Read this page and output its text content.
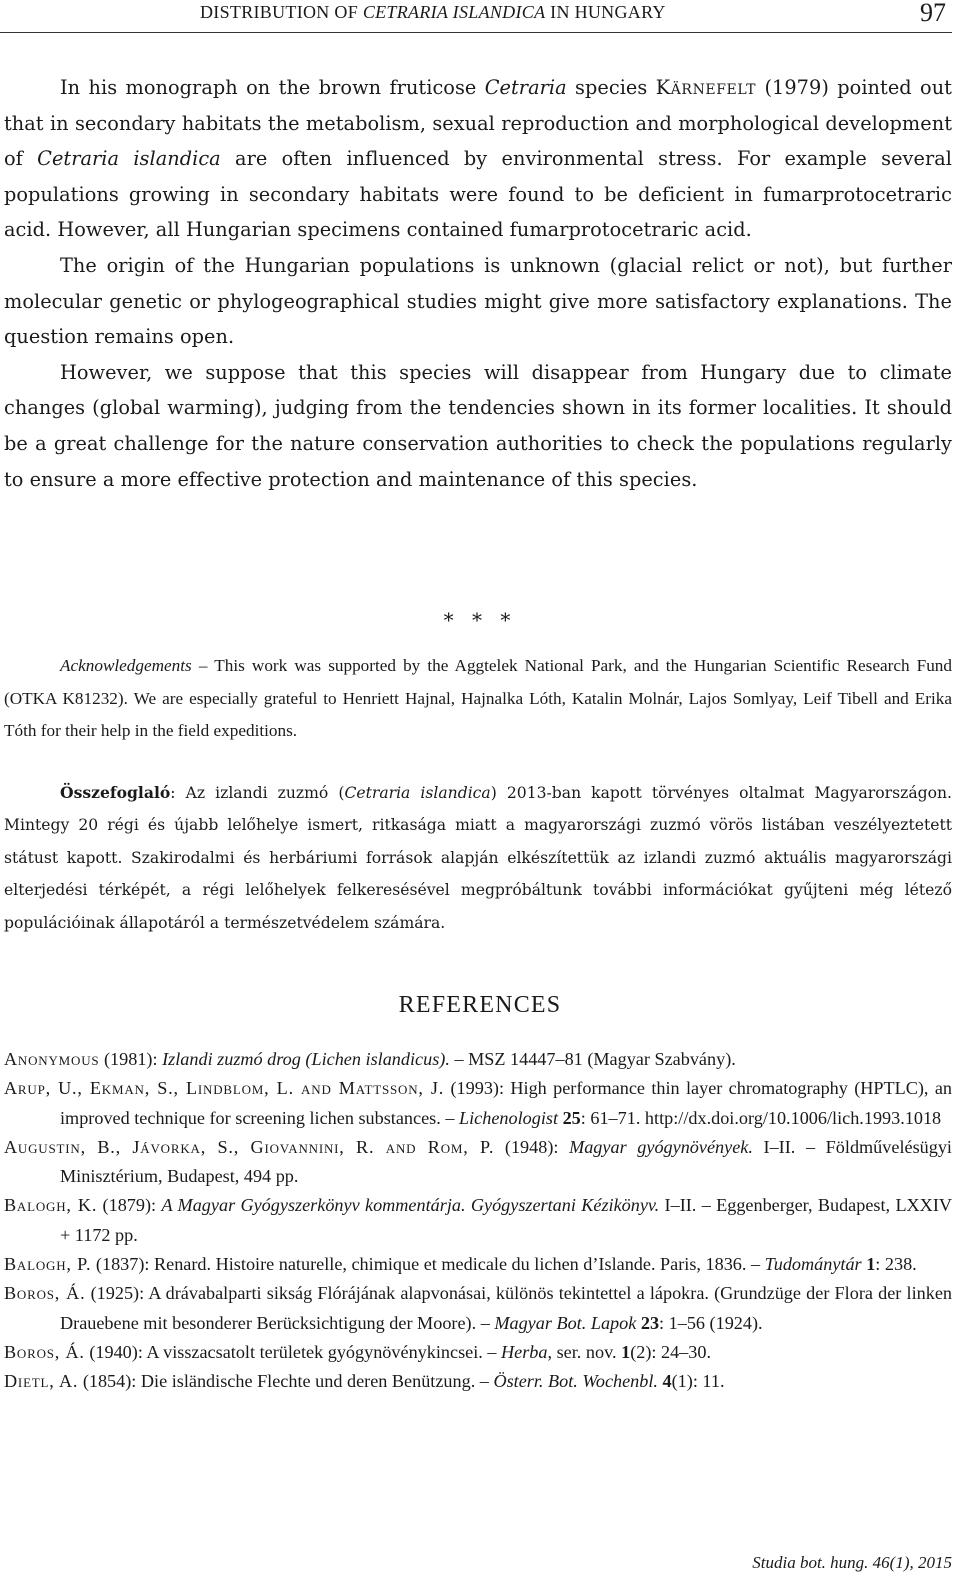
DISTRIBUTION OF CETRARIA ISLANDICA IN HUNGARY	97

In his monograph on the brown fruticose Cetraria species Kärnefelt (1979) pointed out that in secondary habitats the metabolism, sexual reproduction and morphological development of Cetraria islandica are often influenced by environmental stress. For example several populations growing in secondary habitats were found to be deficient in fumarprotocetraric acid. However, all Hungarian specimens contained fumarprotocetraric acid.

The origin of the Hungarian populations is unknown (glacial relict or not), but further molecular genetic or phylogeographical studies might give more satisfactory explanations. The question remains open.

However, we suppose that this species will disappear from Hungary due to climate changes (global warming), judging from the tendencies shown in its former localities. It should be a great challenge for the nature conservation authorities to check the populations regularly to ensure a more effective protection and maintenance of this species.

* * *

Acknowledgements – This work was supported by the Aggtelek National Park, and the Hungarian Scientific Research Fund (OTKA K81232). We are especially grateful to Henriett Hajnal, Hajnalka Lóth, Katalin Molnár, Lajos Somlyay, Leif Tibell and Erika Tóth for their help in the field expeditions.

Összefoglaló: Az izlandi zuzmó (Cetraria islandica) 2013-ban kapott törvényes oltalmat Magyarországon. Mintegy 20 régi és újabb lelőhelye ismert, ritkasága miatt a magyarországi zuzmó vörös listában veszélyeztetett státust kapott. Szakirodalmi és herbáriumi források alapján elkészítettük az izlandi zuzmó aktuális magyarországi elterjedési térképét, a régi lelőhelyek felkeresésével megpróbáltunk további információkat gyűjteni még létező populációinak állapotáról a természetvédelem számára.

REFERENCES

Anonymous (1981): Izlandi zuzmó drog (Lichen islandicus). – MSZ 14447–81 (Magyar Szabvány).

Arup, U., Ekman, S., Lindblom, L. and Mattsson, J. (1993): High performance thin layer chromatography (HPTLC), an improved technique for screening lichen substances. – Lichenologist 25: 61–71. http://dx.doi.org/10.1006/lich.1993.1018

Augustin, B., Jávorka, S., Giovannini, R. and Rom, P. (1948): Magyar gyógynövények. I–II. – Földművelésügyi Minisztérium, Budapest, 494 pp.

Balogh, K. (1879): A Magyar Gyógyszerkönyv kommentárja. Gyógyszertani Kézikönyv. I–II. – Eggenberger, Budapest, LXXIV + 1172 pp.

Balogh, P. (1837): Renard. Histoire naturelle, chimique et medicale du lichen d’Islande. Paris, 1836. – Tudománytár 1: 238.

Boros, Á. (1925): A drávabalparti sikság Flórájának alapvonásai, különös tekintettel a lápokra. (Grundzüge der Flora der linken Drauebene mit besonderer Berücksichtigung der Moore). – Magyar Bot. Lapok 23: 1–56 (1924).

Boros, Á. (1940): A visszacsatolt területek gyógynövénykincsei. – Herba, ser. nov. 1(2): 24–30.

Dietl, A. (1854): Die isländische Flechte und deren Benützung. – Österr. Bot. Wochenbl. 4(1): 11.

Studia bot. hung. 46(1), 2015
